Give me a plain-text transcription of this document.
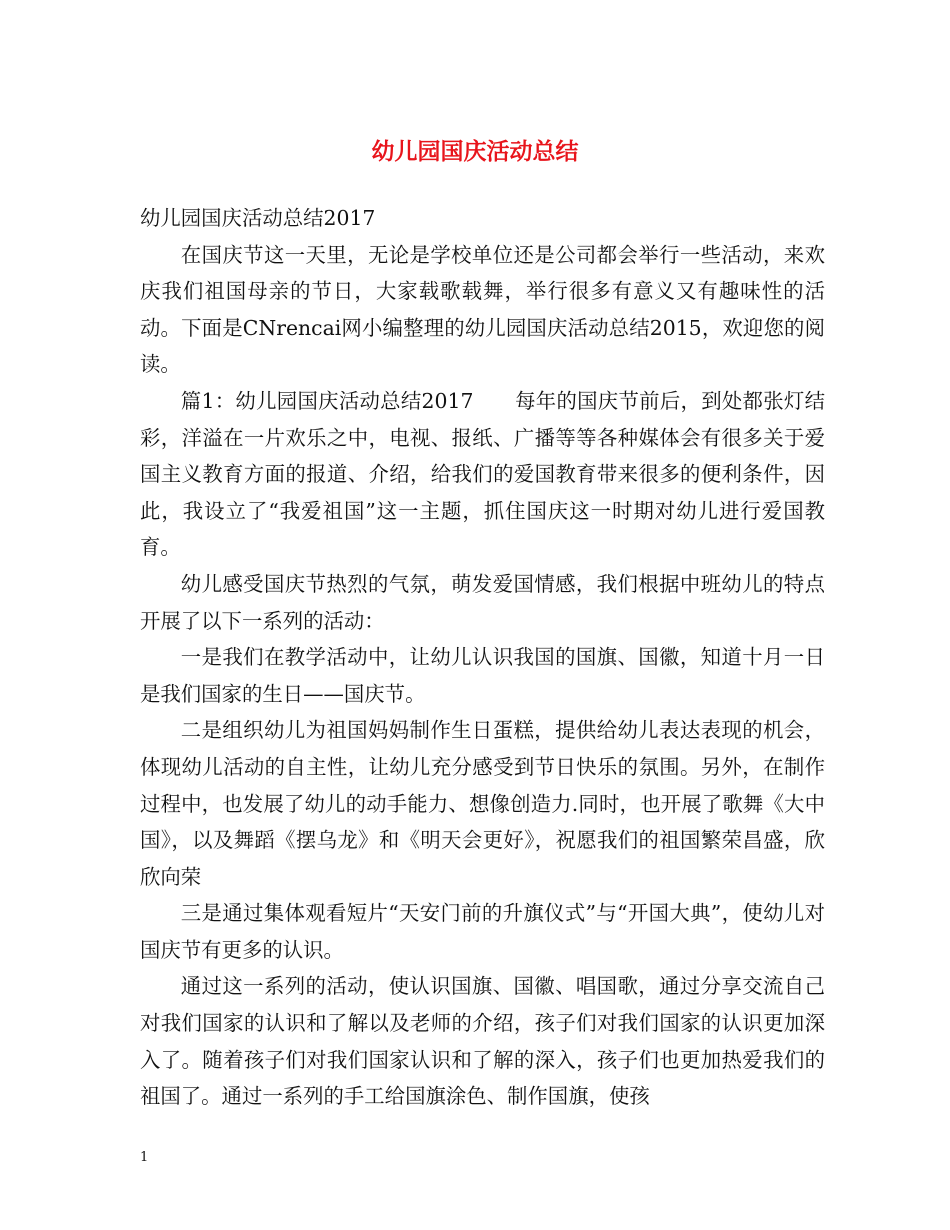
幼儿园国庆活动总结

幼儿园国庆活动总结2017

在国庆节这一天里，无论是学校单位还是公司都会举行一些活动，来欢庆我们祖国母亲的节日，大家载歌载舞，举行很多有意义又有趣味性的活动。下面是CNrencai网小编整理的幼儿园国庆活动总结2015，欢迎您的阅读。

篇1：幼儿园国庆活动总结2017　　每年的国庆节前后，到处都张灯结彩，洋溢在一片欢乐之中，电视、报纸、广播等等各种媒体会有很多关于爱国主义教育方面的报道、介绍，给我们的爱国教育带来很多的便利条件，因此，我设立了“我爱祖国”这一主题，抓住国庆这一时期对幼儿进行爱国教育。

幼儿感受国庆节热烈的气氛，萌发爱国情感，我们根据中班幼儿的特点开展了以下一系列的活动：

一是我们在教学活动中，让幼儿认识我国的国旗、国徽，知道十月一日是我们国家的生日——国庆节。

二是组织幼儿为祖国妈妈制作生日蛋糕，提供给幼儿表达表现的机会，体现幼儿活动的自主性，让幼儿充分感受到节日快乐的氛围。另外，在制作过程中，也发展了幼儿的动手能力、想像创造力.同时，也开展了歌舞《大中国》，以及舞蹈《摆乌龙》和《明天会更好》，祝愿我们的祖国繁荣昌盛，欣欣向荣

三是通过集体观看短片“天安门前的升旗仪式”与“开国大典”，使幼儿对国庆节有更多的认识。

通过这一系列的活动，使认识国旗、国徽、唱国歌，通过分享交流自己对我们国家的认识和了解以及老师的介绍，孩子们对我们国家的认识更加深入了。随着孩子们对我们国家认识和了解的深入，孩子们也更加热爱我们的祖国了。通过一系列的手工给国旗涂色、制作国旗，使孩

1
